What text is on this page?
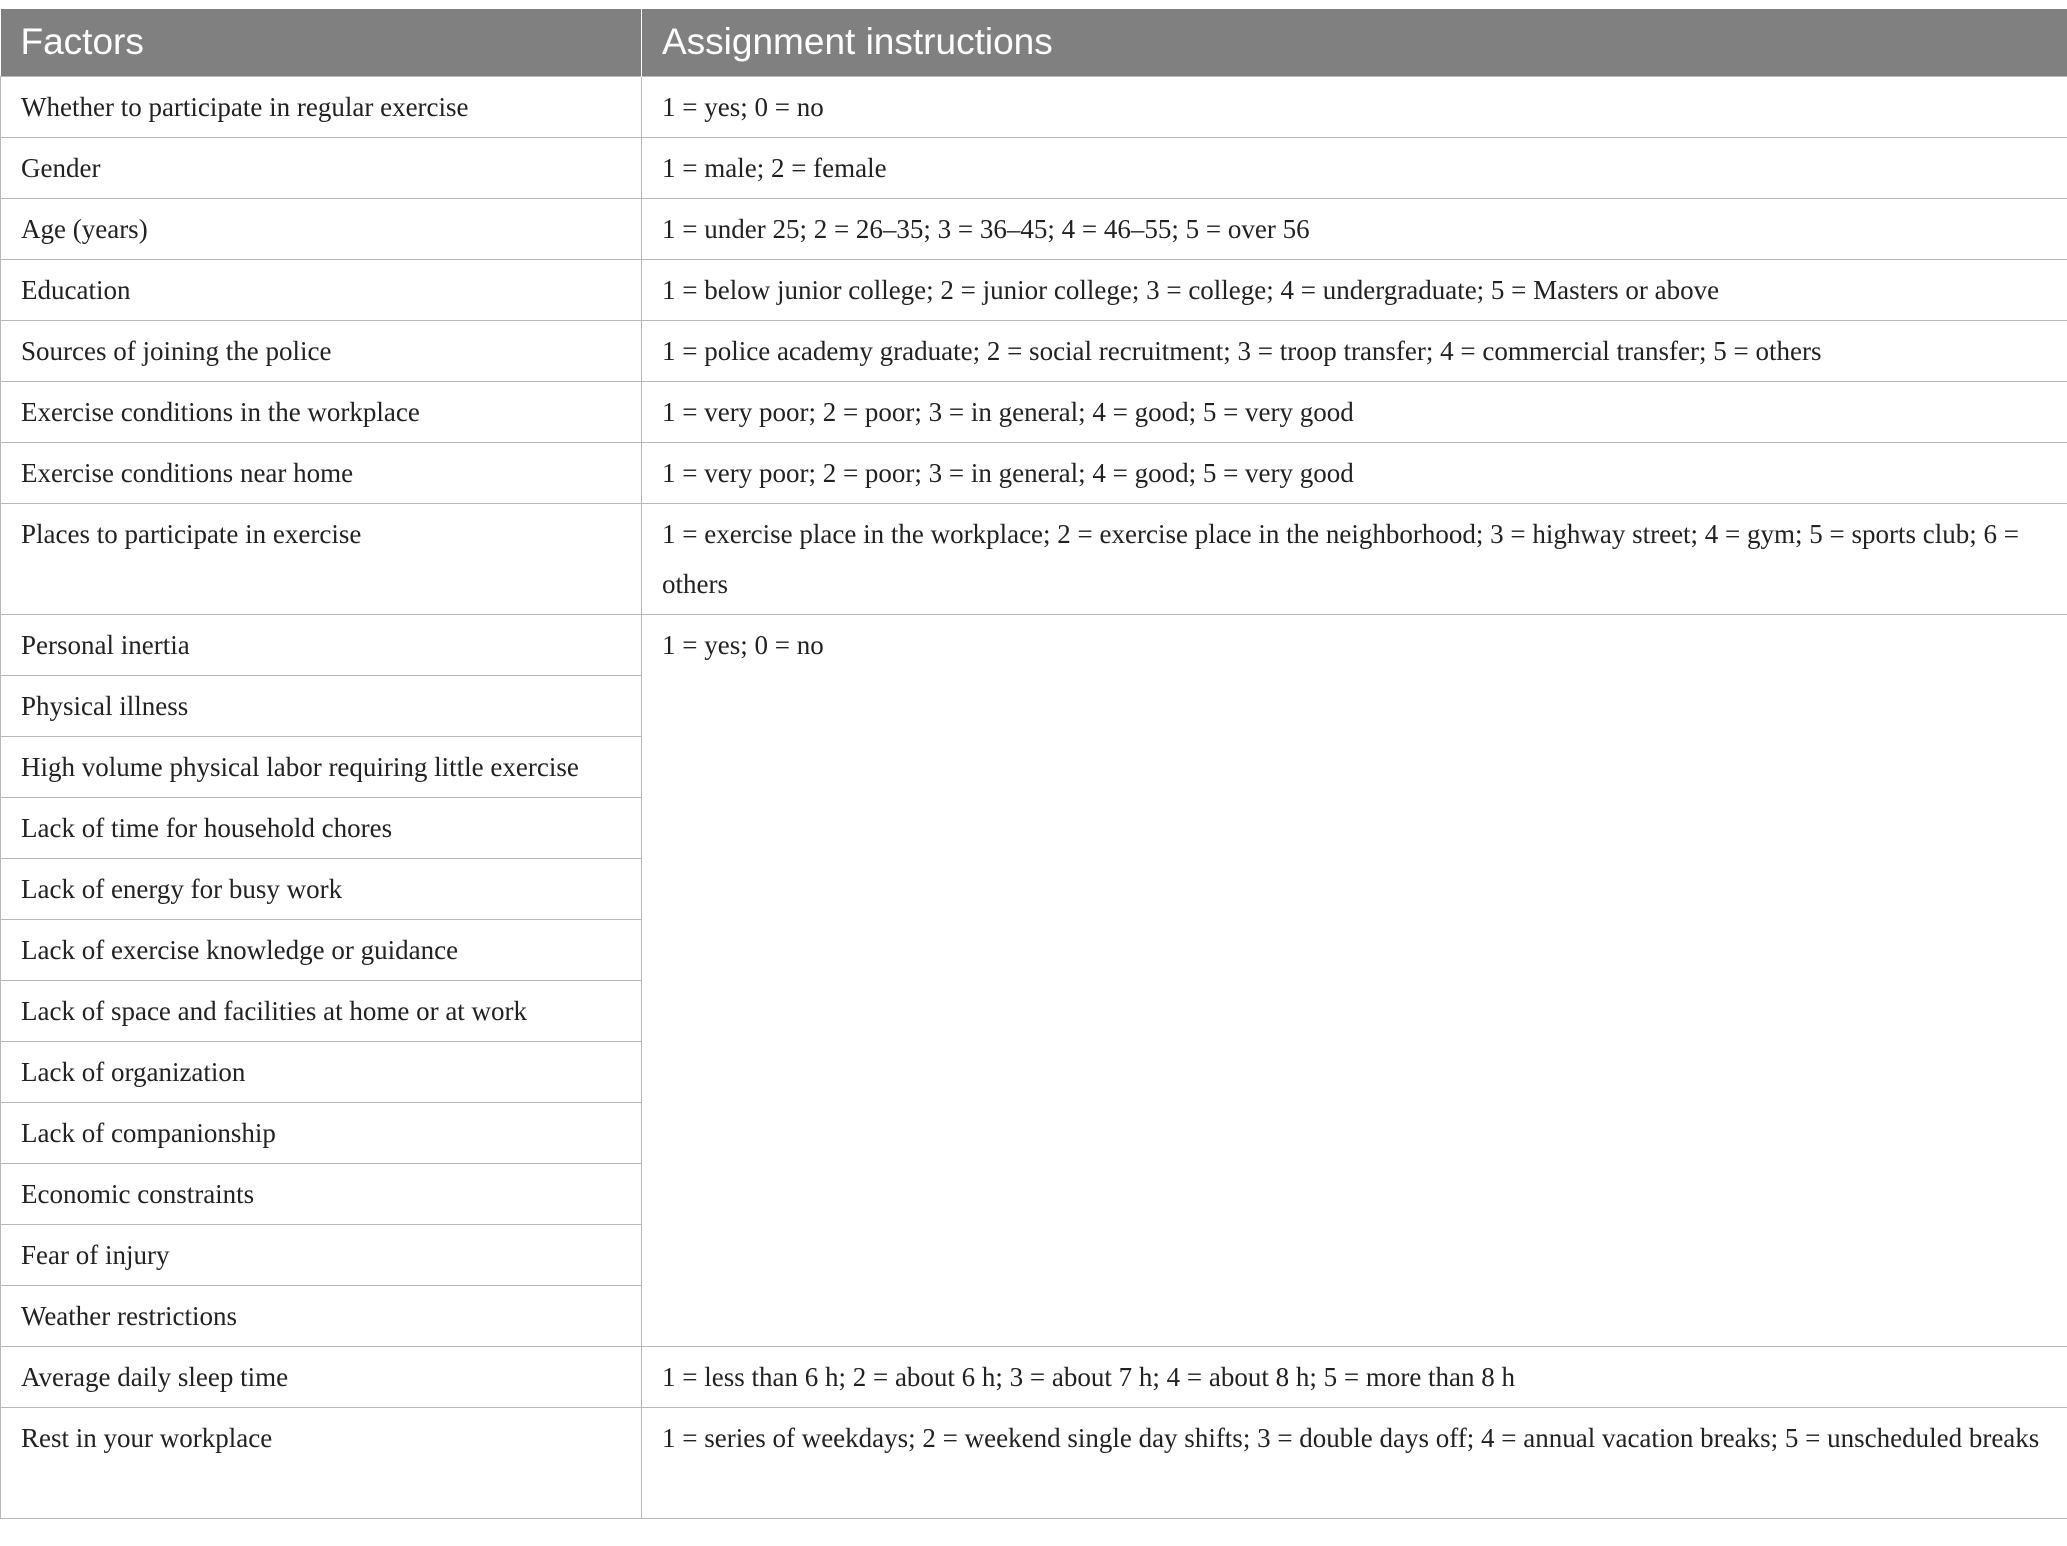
Factors	Assignment instructions
Whether to participate in regular exercise	1 = yes; 0 = no
Gender	1 = male; 2 = female
Age (years)	1 = under 25; 2 = 26–35; 3 = 36–45; 4 = 46–55; 5 = over 56
Education	1 = below junior college; 2 = junior college; 3 = college; 4 = undergraduate; 5 = Masters or above
Sources of joining the police	1 = police academy graduate; 2 = social recruitment; 3 = troop transfer; 4 = commercial transfer; 5 = others
Exercise conditions in the workplace	1 = very poor; 2 = poor; 3 = in general; 4 = good; 5 = very good
Exercise conditions near home	1 = very poor; 2 = poor; 3 = in general; 4 = good; 5 = very good
Places to participate in exercise	1 = exercise place in the workplace; 2 = exercise place in the neighborhood; 3 = highway street; 4 = gym; 5 = sports club; 6 = others
Personal inertia	1 = yes; 0 = no
Physical illness	
High volume physical labor requiring little exercise	
Lack of time for household chores	
Lack of energy for busy work	
Lack of exercise knowledge or guidance	
Lack of space and facilities at home or at work	
Lack of organization	
Lack of companionship	
Economic constraints	
Fear of injury	
Weather restrictions	
Average daily sleep time	1 = less than 6 h; 2 = about 6 h; 3 = about 7 h; 4 = about 8 h; 5 = more than 8 h
Rest in your workplace	1 = series of weekdays; 2 = weekend single day shifts; 3 = double days off; 4 = annual vacation breaks; 5 = unscheduled breaks
